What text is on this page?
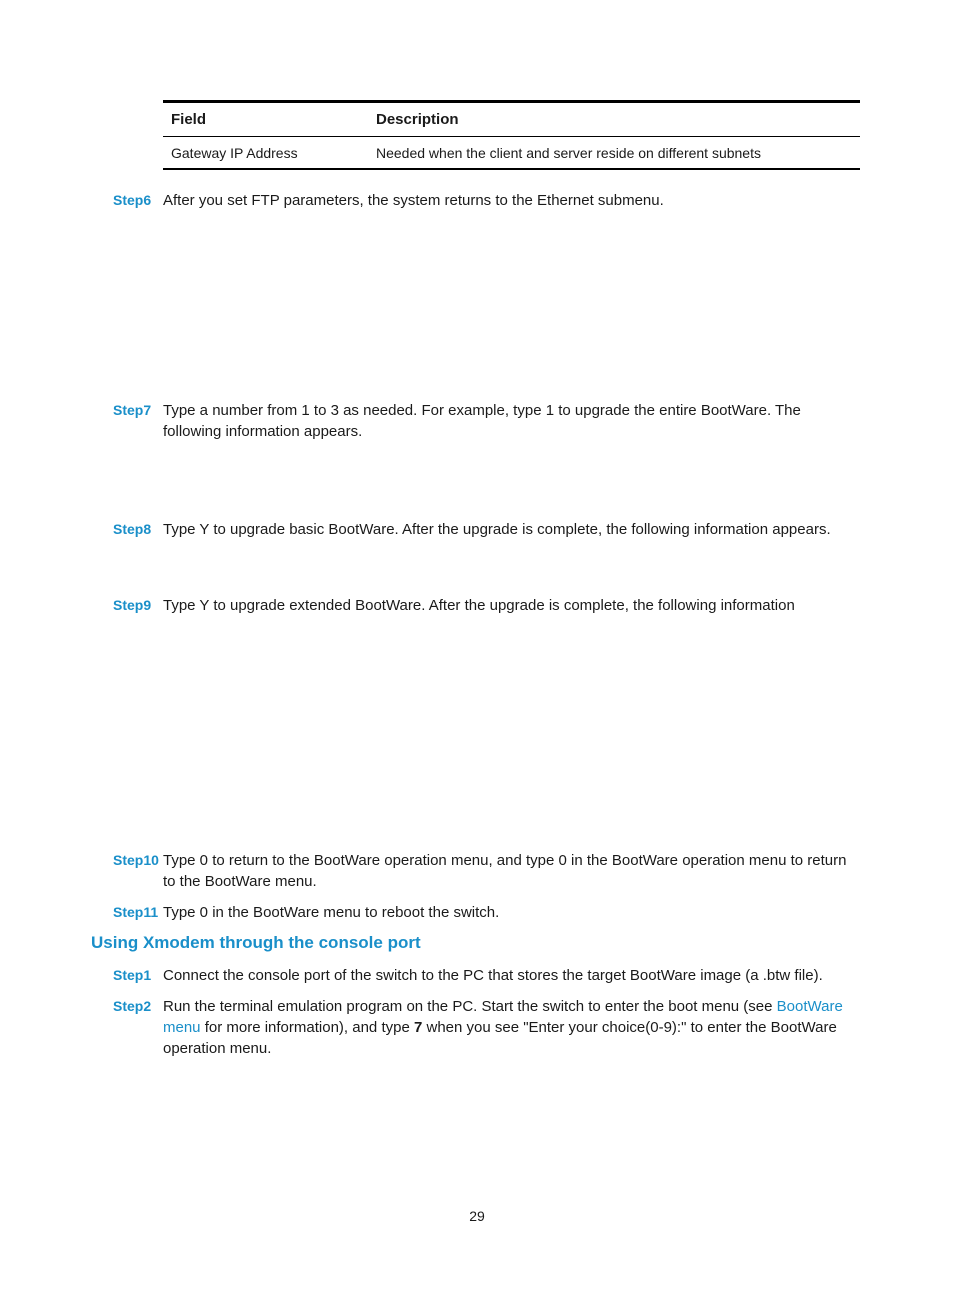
Field	Description
Gateway IP Address	Needed when the client and server reside on different subnets
Step6 After you set FTP parameters, the system returns to the Ethernet submenu.
Step7 Type a number from 1 to 3 as needed. For example, type 1 to upgrade the entire BootWare. The
following information appears.
Step8 Type Y to upgrade basic BootWare. After the upgrade is complete, the following information appears.
Step9 Type Y to upgrade extended BootWare. After the upgrade is complete, the following information
Step10 Type 0 to return to the BootWare operation menu, and type 0 in the BootWare operation menu to return
to the BootWare menu.
Step11 Type 0 in the BootWare menu to reboot the switch.
Using Xmodem through the console port
Step1 Connect the console port of the switch to the PC that stores the target BootWare image (a .btw file).
Step2 Run the terminal emulation program on the PC. Start the switch to enter the boot menu (see BootWare
menu for more information), and type 7 when you see "Enter your choice(0-9):" to enter the BootWare
operation menu.
29
